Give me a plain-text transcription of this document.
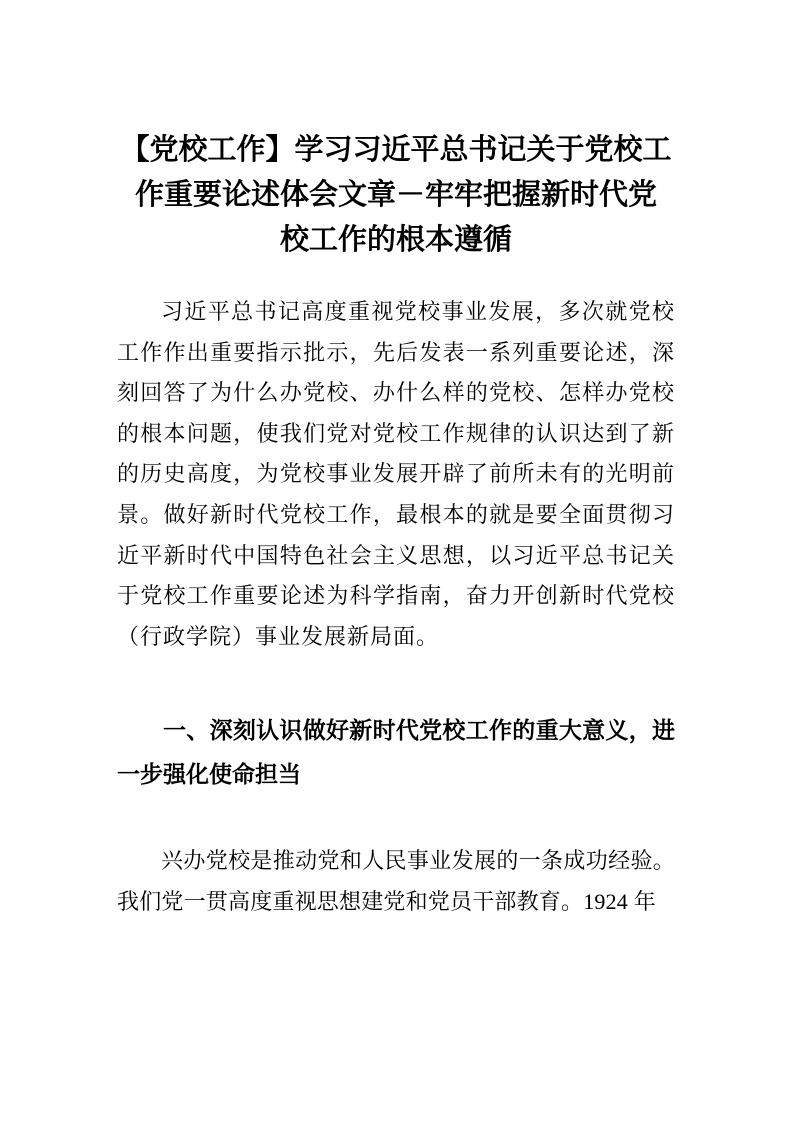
【党校工作】学习习近平总书记关于党校工
作重要论述体会文章－牢牢把握新时代党
校工作的根本遵循

习近平总书记高度重视党校事业发展，多次就党校工作作出重要指示批示，先后发表一系列重要论述，深刻回答了为什么办党校、办什么样的党校、怎样办党校的根本问题，使我们党对党校工作规律的认识达到了新的历史高度，为党校事业发展开辟了前所未有的光明前景。做好新时代党校工作，最根本的就是要全面贯彻习近平新时代中国特色社会主义思想，以习近平总书记关于党校工作重要论述为科学指南，奋力开创新时代党校（行政学院）事业发展新局面。

一、深刻认识做好新时代党校工作的重大意义，进一步强化使命担当

兴办党校是推动党和人民事业发展的一条成功经验。我们党一贯高度重视思想建党和党员干部教育。1924 年
